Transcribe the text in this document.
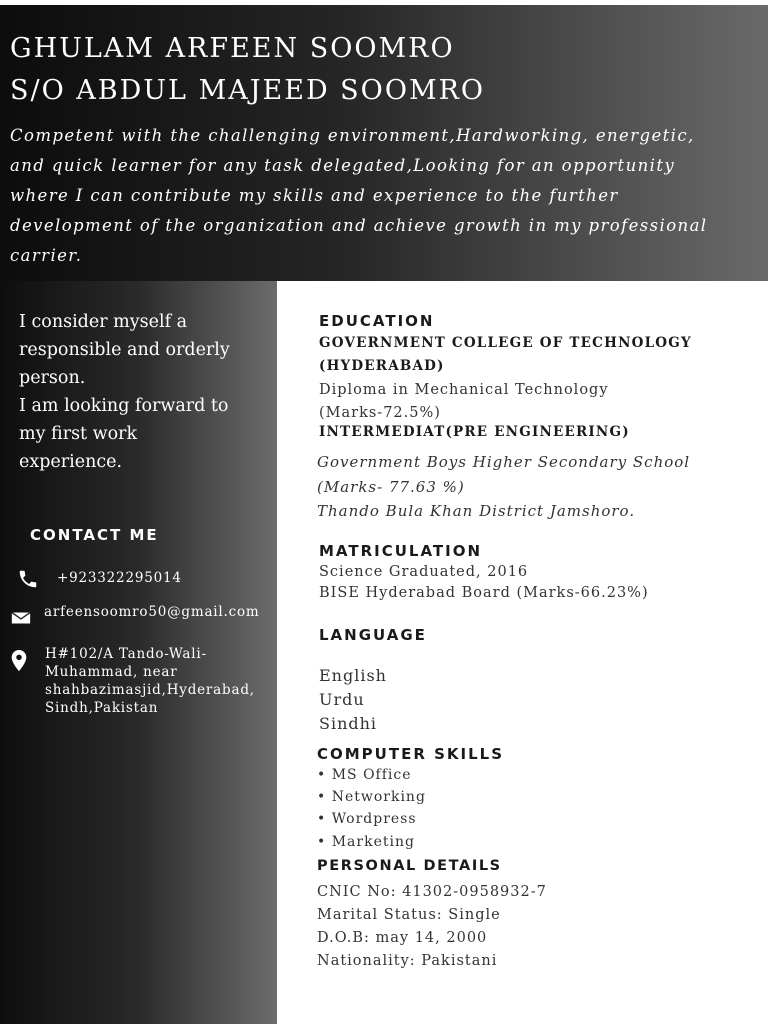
GHULAM ARFEEN SOOMRO
S/O ABDUL MAJEED SOOMRO
Competent with the challenging environment,Hardworking, energetic,
and quick learner for any task delegated,Looking for an opportunity
where I can contribute my skills and experience to the further
development of the organization and achieve growth in my professional
carrier.
I consider myself a
responsible and orderly
person.
I am looking forward to
my first work
experience.
CONTACT ME
+923322295014
arfeensoomro50@gmail.com
H#102/A Tando-Wali-
Muhammad, near
shahbazimasjid,Hyderabad,
Sindh,Pakistan
EDUCATION
GOVERNMENT COLLEGE OF TECHNOLOGY
(HYDERABAD)
Diploma in Mechanical Technology
(Marks-72.5%)
INTERMEDIAT(PRE ENGINEERING)
Government Boys Higher Secondary School
(Marks- 77.63 %)
Thando Bula Khan District Jamshoro.
MATRICULATION
Science Graduated, 2016
BISE Hyderabad Board (Marks-66.23%)
LANGUAGE
English
Urdu
Sindhi
COMPUTER SKILLS
• MS Office
• Networking
• Wordpress
• Marketing
PERSONAL DETAILS
CNIC No: 41302-0958932-7
Marital Status: Single
D.O.B: may 14, 2000
Nationality: Pakistani
